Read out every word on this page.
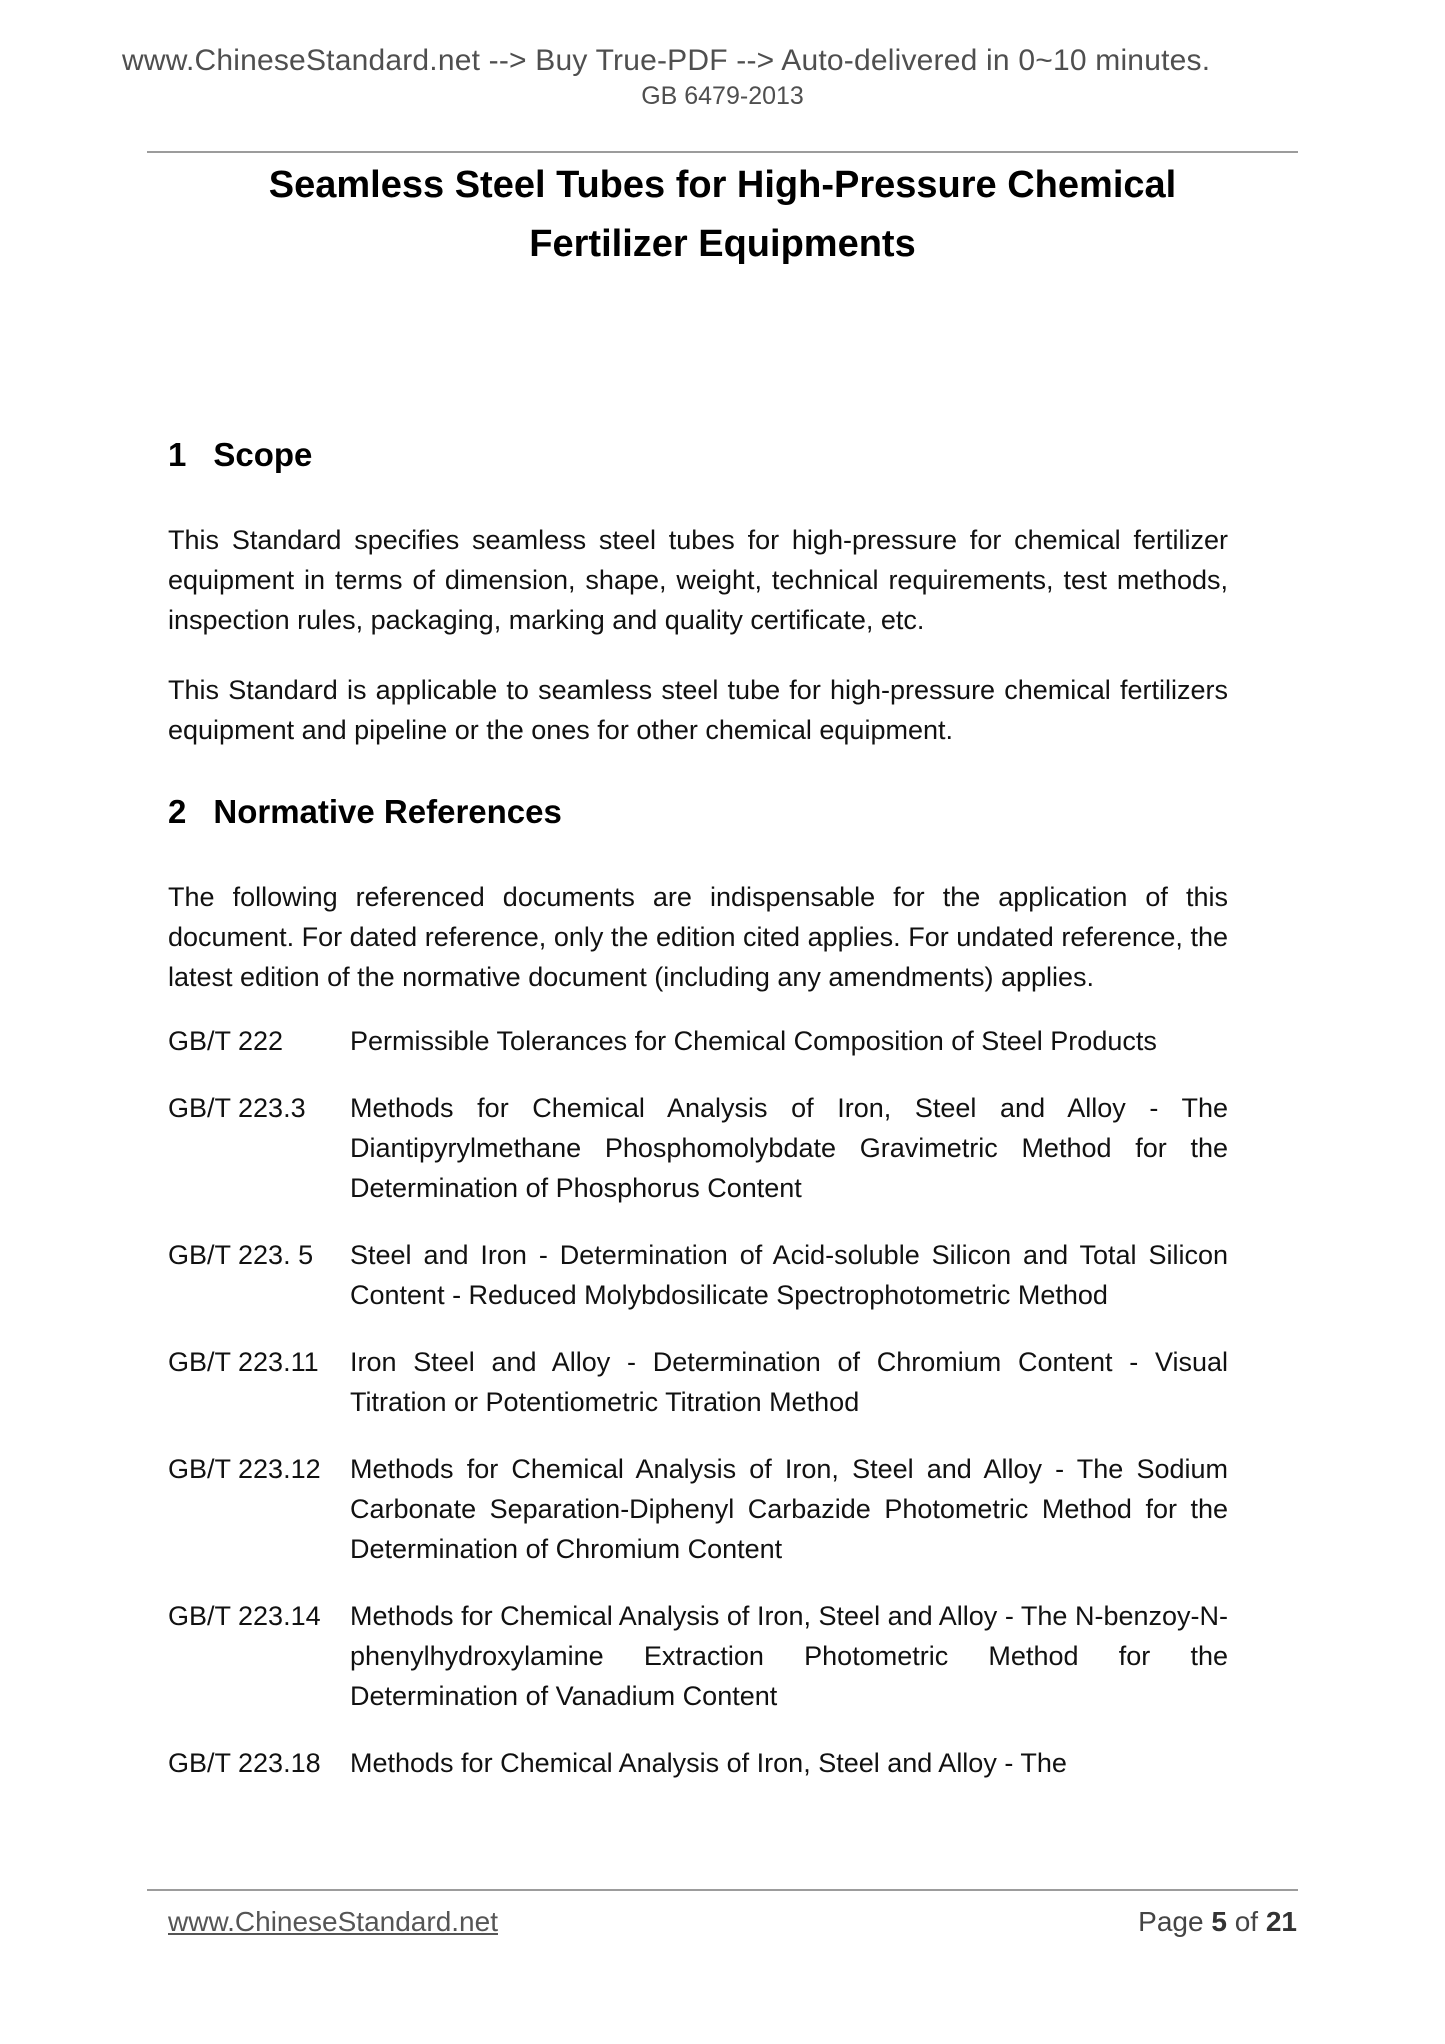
www.ChineseStandard.net --> Buy True-PDF --> Auto-delivered in 0~10 minutes.
GB 6479-2013
Seamless Steel Tubes for High-Pressure Chemical
Fertilizer Equipments
1 Scope

This Standard specifies seamless steel tubes for high-pressure for chemical fertilizer equipment in terms of dimension, shape, weight, technical requirements, test methods, inspection rules, packaging, marking and quality certificate, etc.

This Standard is applicable to seamless steel tube for high-pressure chemical fertilizers equipment and pipeline or the ones for other chemical equipment.

2 Normative References

The following referenced documents are indispensable for the application of this document. For dated reference, only the edition cited applies. For undated reference, the latest edition of the normative document (including any amendments) applies.

GB/T 222	Permissible Tolerances for Chemical Composition of Steel Products
GB/T 223.3	Methods for Chemical Analysis of Iron, Steel and Alloy - The Diantipyrylmethane Phosphomolybdate Gravimetric Method for the Determination of Phosphorus Content
GB/T 223. 5	Steel and Iron - Determination of Acid-soluble Silicon and Total Silicon Content - Reduced Molybdosilicate Spectrophotometric Method
GB/T 223.11	Iron Steel and Alloy - Determination of Chromium Content - Visual Titration or Potentiometric Titration Method
GB/T 223.12	Methods for Chemical Analysis of Iron, Steel and Alloy - The Sodium Carbonate Separation-Diphenyl Carbazide Photometric Method for the Determination of Chromium Content
GB/T 223.14	Methods for Chemical Analysis of Iron, Steel and Alloy - The N-benzoy-N-phenylhydroxylamine Extraction Photometric Method for the Determination of Vanadium Content
GB/T 223.18	Methods for Chemical Analysis of Iron, Steel and Alloy - The
www.ChineseStandard.net	Page 5 of 21
